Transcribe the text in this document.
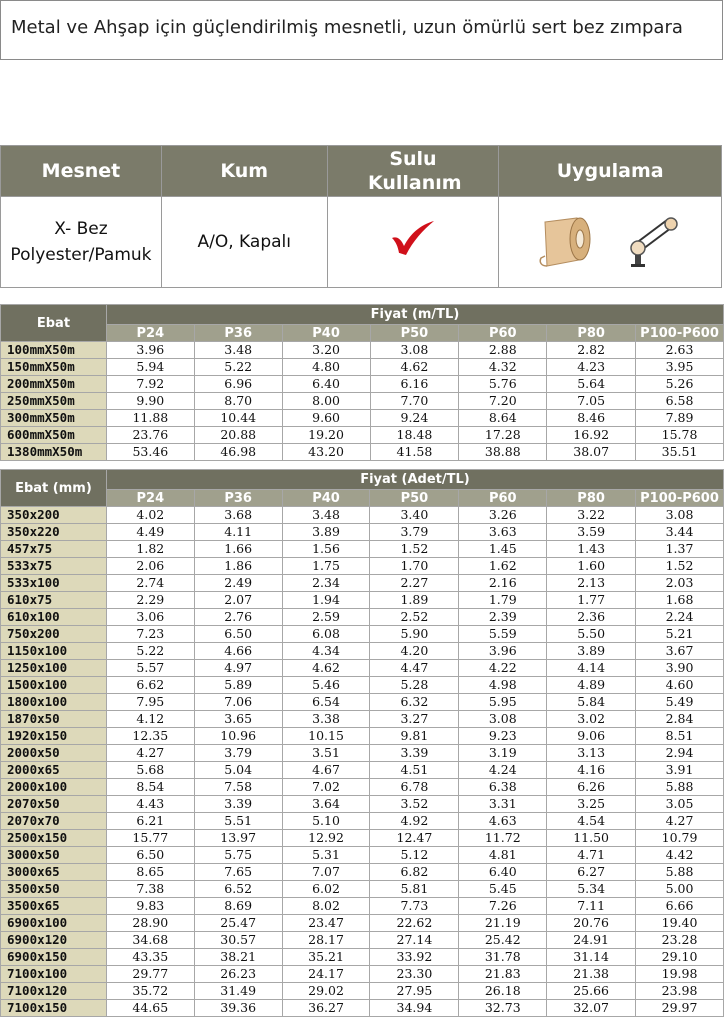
Metal ve Ahşap için güçlendirilmiş mesnetli, uzun ömürlü sert bez zımpara
Mesnet	Kum	Sulu Kullanım	Uygulama

X- Bez
Polyester/Pamuk	A/O, Kapalı		
Ebat	Fiyat (m/TL)						
	P24	P36	P40	P50	P60	P80	P100-P600
100mmX50m	3.96	3.48	3.20	3.08	2.88	2.82	2.63
150mmX50m	5.94	5.22	4.80	4.62	4.32	4.23	3.95
200mmX50m	7.92	6.96	6.40	6.16	5.76	5.64	5.26
250mmX50m	9.90	8.70	8.00	7.70	7.20	7.05	6.58
300mmX50m	11.88	10.44	9.60	9.24	8.64	8.46	7.89
600mmX50m	23.76	20.88	19.20	18.48	17.28	16.92	15.78
1380mmX50m	53.46	46.98	43.20	41.58	38.88	38.07	35.51
Ebat (mm)	Fiyat (Adet/TL)						
	P24	P36	P40	P50	P60	P80	P100-P600
350x200	4.02	3.68	3.48	3.40	3.26	3.22	3.08
350x220	4.49	4.11	3.89	3.79	3.63	3.59	3.44
457x75	1.82	1.66	1.56	1.52	1.45	1.43	1.37
533x75	2.06	1.86	1.75	1.70	1.62	1.60	1.52
533x100	2.74	2.49	2.34	2.27	2.16	2.13	2.03
610x75	2.29	2.07	1.94	1.89	1.79	1.77	1.68
610x100	3.06	2.76	2.59	2.52	2.39	2.36	2.24
750x200	7.23	6.50	6.08	5.90	5.59	5.50	5.21
1150x100	5.22	4.66	4.34	4.20	3.96	3.89	3.67
1250x100	5.57	4.97	4.62	4.47	4.22	4.14	3.90
1500x100	6.62	5.89	5.46	5.28	4.98	4.89	4.60
1800x100	7.95	7.06	6.54	6.32	5.95	5.84	5.49
1870x50	4.12	3.65	3.38	3.27	3.08	3.02	2.84
1920x150	12.35	10.96	10.15	9.81	9.23	9.06	8.51
2000x50	4.27	3.79	3.51	3.39	3.19	3.13	2.94
2000x65	5.68	5.04	4.67	4.51	4.24	4.16	3.91
2000x100	8.54	7.58	7.02	6.78	6.38	6.26	5.88
2070x50	4.43	3.39	3.64	3.52	3.31	3.25	3.05
2070x70	6.21	5.51	5.10	4.92	4.63	4.54	4.27
2500x150	15.77	13.97	12.92	12.47	11.72	11.50	10.79
3000x50	6.50	5.75	5.31	5.12	4.81	4.71	4.42
3000x65	8.65	7.65	7.07	6.82	6.40	6.27	5.88
3500x50	7.38	6.52	6.02	5.81	5.45	5.34	5.00
3500x65	9.83	8.69	8.02	7.73	7.26	7.11	6.66
6900x100	28.90	25.47	23.47	22.62	21.19	20.76	19.40
6900x120	34.68	30.57	28.17	27.14	25.42	24.91	23.28
6900x150	43.35	38.21	35.21	33.92	31.78	31.14	29.10
7100x100	29.77	26.23	24.17	23.30	21.83	21.38	19.98
7100x120	35.72	31.49	29.02	27.95	26.18	25.66	23.98
7100x150	44.65	39.36	36.27	34.94	32.73	32.07	29.97
